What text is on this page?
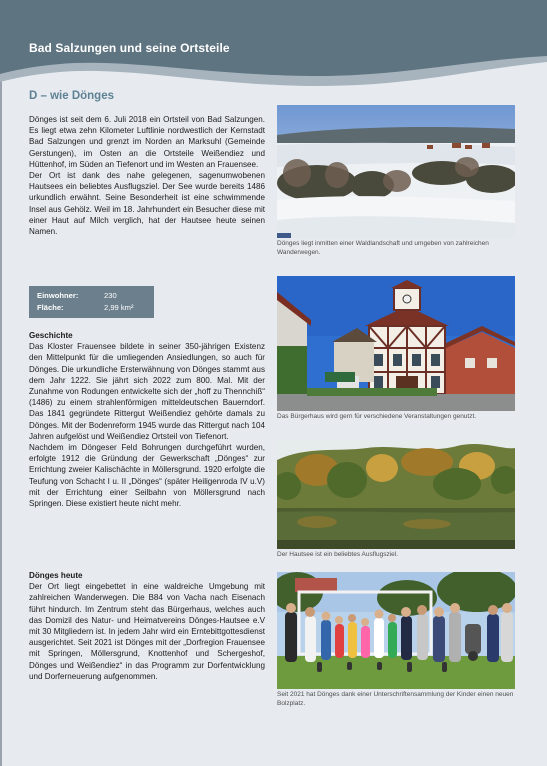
Bad Salzungen und seine Ortsteile
D – wie Dönges

Dönges ist seit dem 6. Juli 2018 ein Ortsteil von Bad Salzungen. Es liegt etwa zehn Kilometer Luftlinie nordwestlich der Kernstadt Bad Salzungen und grenzt im Norden an Marksuhl (Gemeinde Gerstungen), im Osten an die Ortsteile Weißendiez und Hüttenhof, im Süden an Tiefenort und im Westen an Frauensee.

Der Ort ist dank des nahe gelegenen, sagenumwobenen Hautsees ein beliebtes Ausflugsziel. Der See wurde bereits 1486 urkundlich erwähnt. Seine Besonderheit ist eine schwimmende Insel aus Gehölz. Weil im 18. Jahrhundert ein Besucher diese mit einer Haut auf Milch verglich, hat der Hautsee heute seinen Namen.

Einwohner:	230
Fläche:	2,99 km²

Geschichte

Das Kloster Frauensee bildete in seiner 350-jährigen Existenz den Mittelpunkt für die umliegenden Ansiedlungen, so auch für Dönges. Die urkundliche Ersterwähnung von Dönges stammt aus dem Jahr 1222. Sie jährt sich 2022 zum 800. Mal. Mit der Zunahme von Rodungen entwickelte sich der „hoff zu Thennchiß“ (1486) zu einem strahlenförmigen mitteldeutschen Bauerndorf. Das 1841 gegründete Rittergut Weißendiez gehörte damals zu Dönges. Mit der Bodenreform 1945 wurde das Rittergut nach 104 Jahren aufgelöst und Weißendiez Ortsteil von Tiefenort.

Nachdem im Döngeser Feld Bohrungen durchgeführt wurden, erfolgte 1912 die Gründung der Gewerkschaft „Dönges“ zur Errichtung zweier Kalischächte in Möllersgrund. 1920 erfolgte die Teufung von Schacht I u. II „Dönges“ (später Heiligenroda IV u.V) mit der Errichtung einer Seilbahn von Möllersgrund nach Springen. Diese existiert heute nicht mehr.

Dönges heute

Der Ort liegt eingebettet in eine waldreiche Umgebung mit zahlreichen Wanderwegen. Die B84 von Vacha nach Eisenach führt hindurch. Im Zentrum steht das Bürgerhaus, welches auch das Domizil des Natur- und Heimatvereins Dönges-Hautsee e.V mit 30 Mitgliedern ist. In jedem Jahr wird ein Erntebittgottesdienst ausgerichtet. Seit 2021 ist Dönges mit der „Dorfregion Frauensee mit Springen, Möllersgrund, Knottenhof und Schergeshof, Dönges und Weißendiez“ in das Programm zur Dorfentwicklung und Dorferneuerung aufgenommen.

Dönges liegt inmitten einer Waldlandschaft und umgeben von zahlreichen Wanderwegen.
Das Bürgerhaus wird gern für verschiedene Veranstaltungen genutzt.
Der Hautsee ist ein beliebtes Ausflugsziel.
Seit 2021 hat Dönges dank einer Unterschriftensammlung der Kinder einen neuen Bolzplatz.
